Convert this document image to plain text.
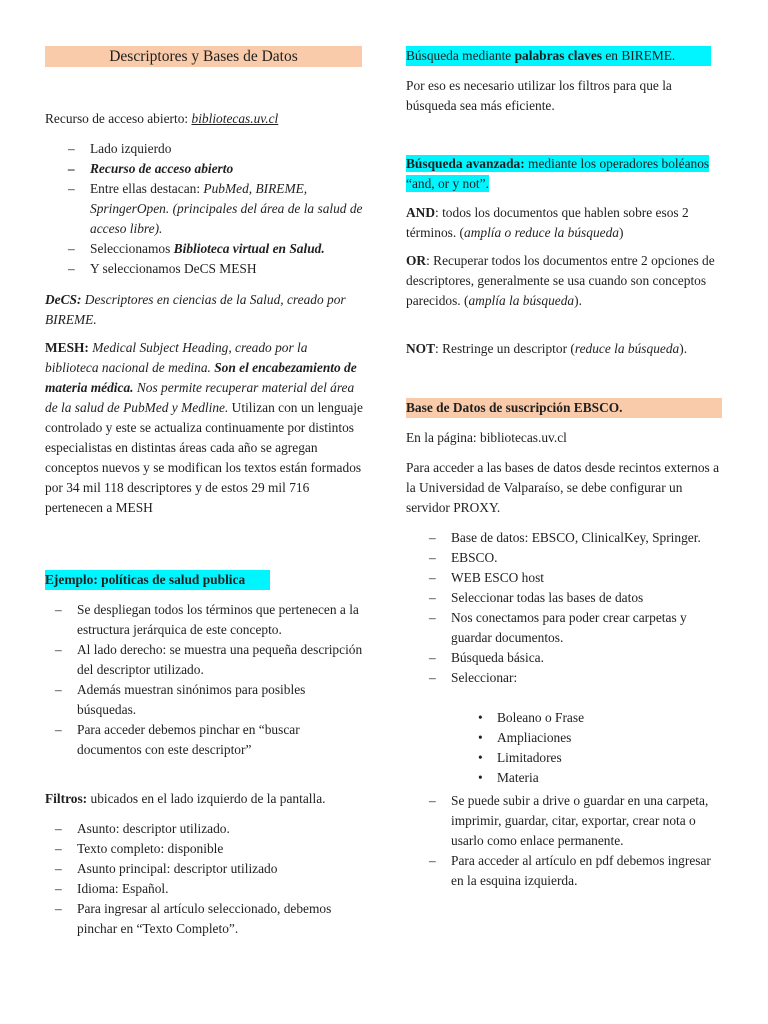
Descriptores y Bases de Datos
Recurso de acceso abierto: bibliotecas.uv.cl
– Lado izquierdo
– Recurso de acceso abierto
– Entre ellas destacan: PubMed, BIREME, SpringerOpen. (principales del área de la salud de acceso libre).
– Seleccionamos Biblioteca virtual en Salud.
– Y seleccionamos DeCS MESH

DeCS: Descriptores en ciencias de la Salud, creado por BIREME.

MESH: Medical Subject Heading, creado por la biblioteca nacional de medina. Son el encabezamiento de materia médica. Nos permite recuperar material del área de la salud de PubMed y Medline. Utilizan con un lenguaje controlado y este se actualiza continuamente por distintos especialistas en distintas áreas cada año se agregan conceptos nuevos y se modifican los textos están formados por 34 mil 118 descriptores y de estos 29 mil 716 pertenecen a MESH

Ejemplo: políticas de salud publica
– Se despliegan todos los términos que pertenecen a la estructura jerárquica de este concepto.
– Al lado derecho: se muestra una pequeña descripción del descriptor utilizado.
– Además muestran sinónimos para posibles búsquedas.
– Para acceder debemos pinchar en “buscar documentos con este descriptor”

Filtros: ubicados en el lado izquierdo de la pantalla.

– Asunto: descriptor utilizado.
– Texto completo: disponible
– Asunto principal: descriptor utilizado
– Idioma: Español.
– Para ingresar al artículo seleccionado, debemos pinchar en “Texto Completo”.
Búsqueda mediante palabras claves en BIREME.

Por eso es necesario utilizar los filtros para que la búsqueda sea más eficiente.

Búsqueda avanzada: mediante los operadores boléanos “and, or y not”.

AND: todos los documentos que hablen sobre esos 2 términos. (amplía o reduce la búsqueda)

OR: Recuperar todos los documentos entre 2 opciones de descriptores, generalmente se usa cuando son conceptos parecidos. (amplía la búsqueda).

NOT: Restringe un descriptor (reduce la búsqueda).

Base de Datos de suscripción EBSCO.

En la página: bibliotecas.uv.cl

Para acceder a las bases de datos desde recintos externos a la Universidad de Valparaíso, se debe configurar un servidor PROXY.

– Base de datos: EBSCO, ClinicalKey, Springer.
– EBSCO.
– WEB ESCO host
– Seleccionar todas las bases de datos
– Nos conectamos para poder crear carpetas y guardar documentos.
– Búsqueda básica.
– Seleccionar:
• Boleano o Frase
• Ampliaciones
• Limitadores
• Materia
– Se puede subir a drive o guardar en una carpeta, imprimir, guardar, citar, exportar, crear nota o usarlo como enlace permanente.
– Para acceder al artículo en pdf debemos ingresar en la esquina izquierda.
